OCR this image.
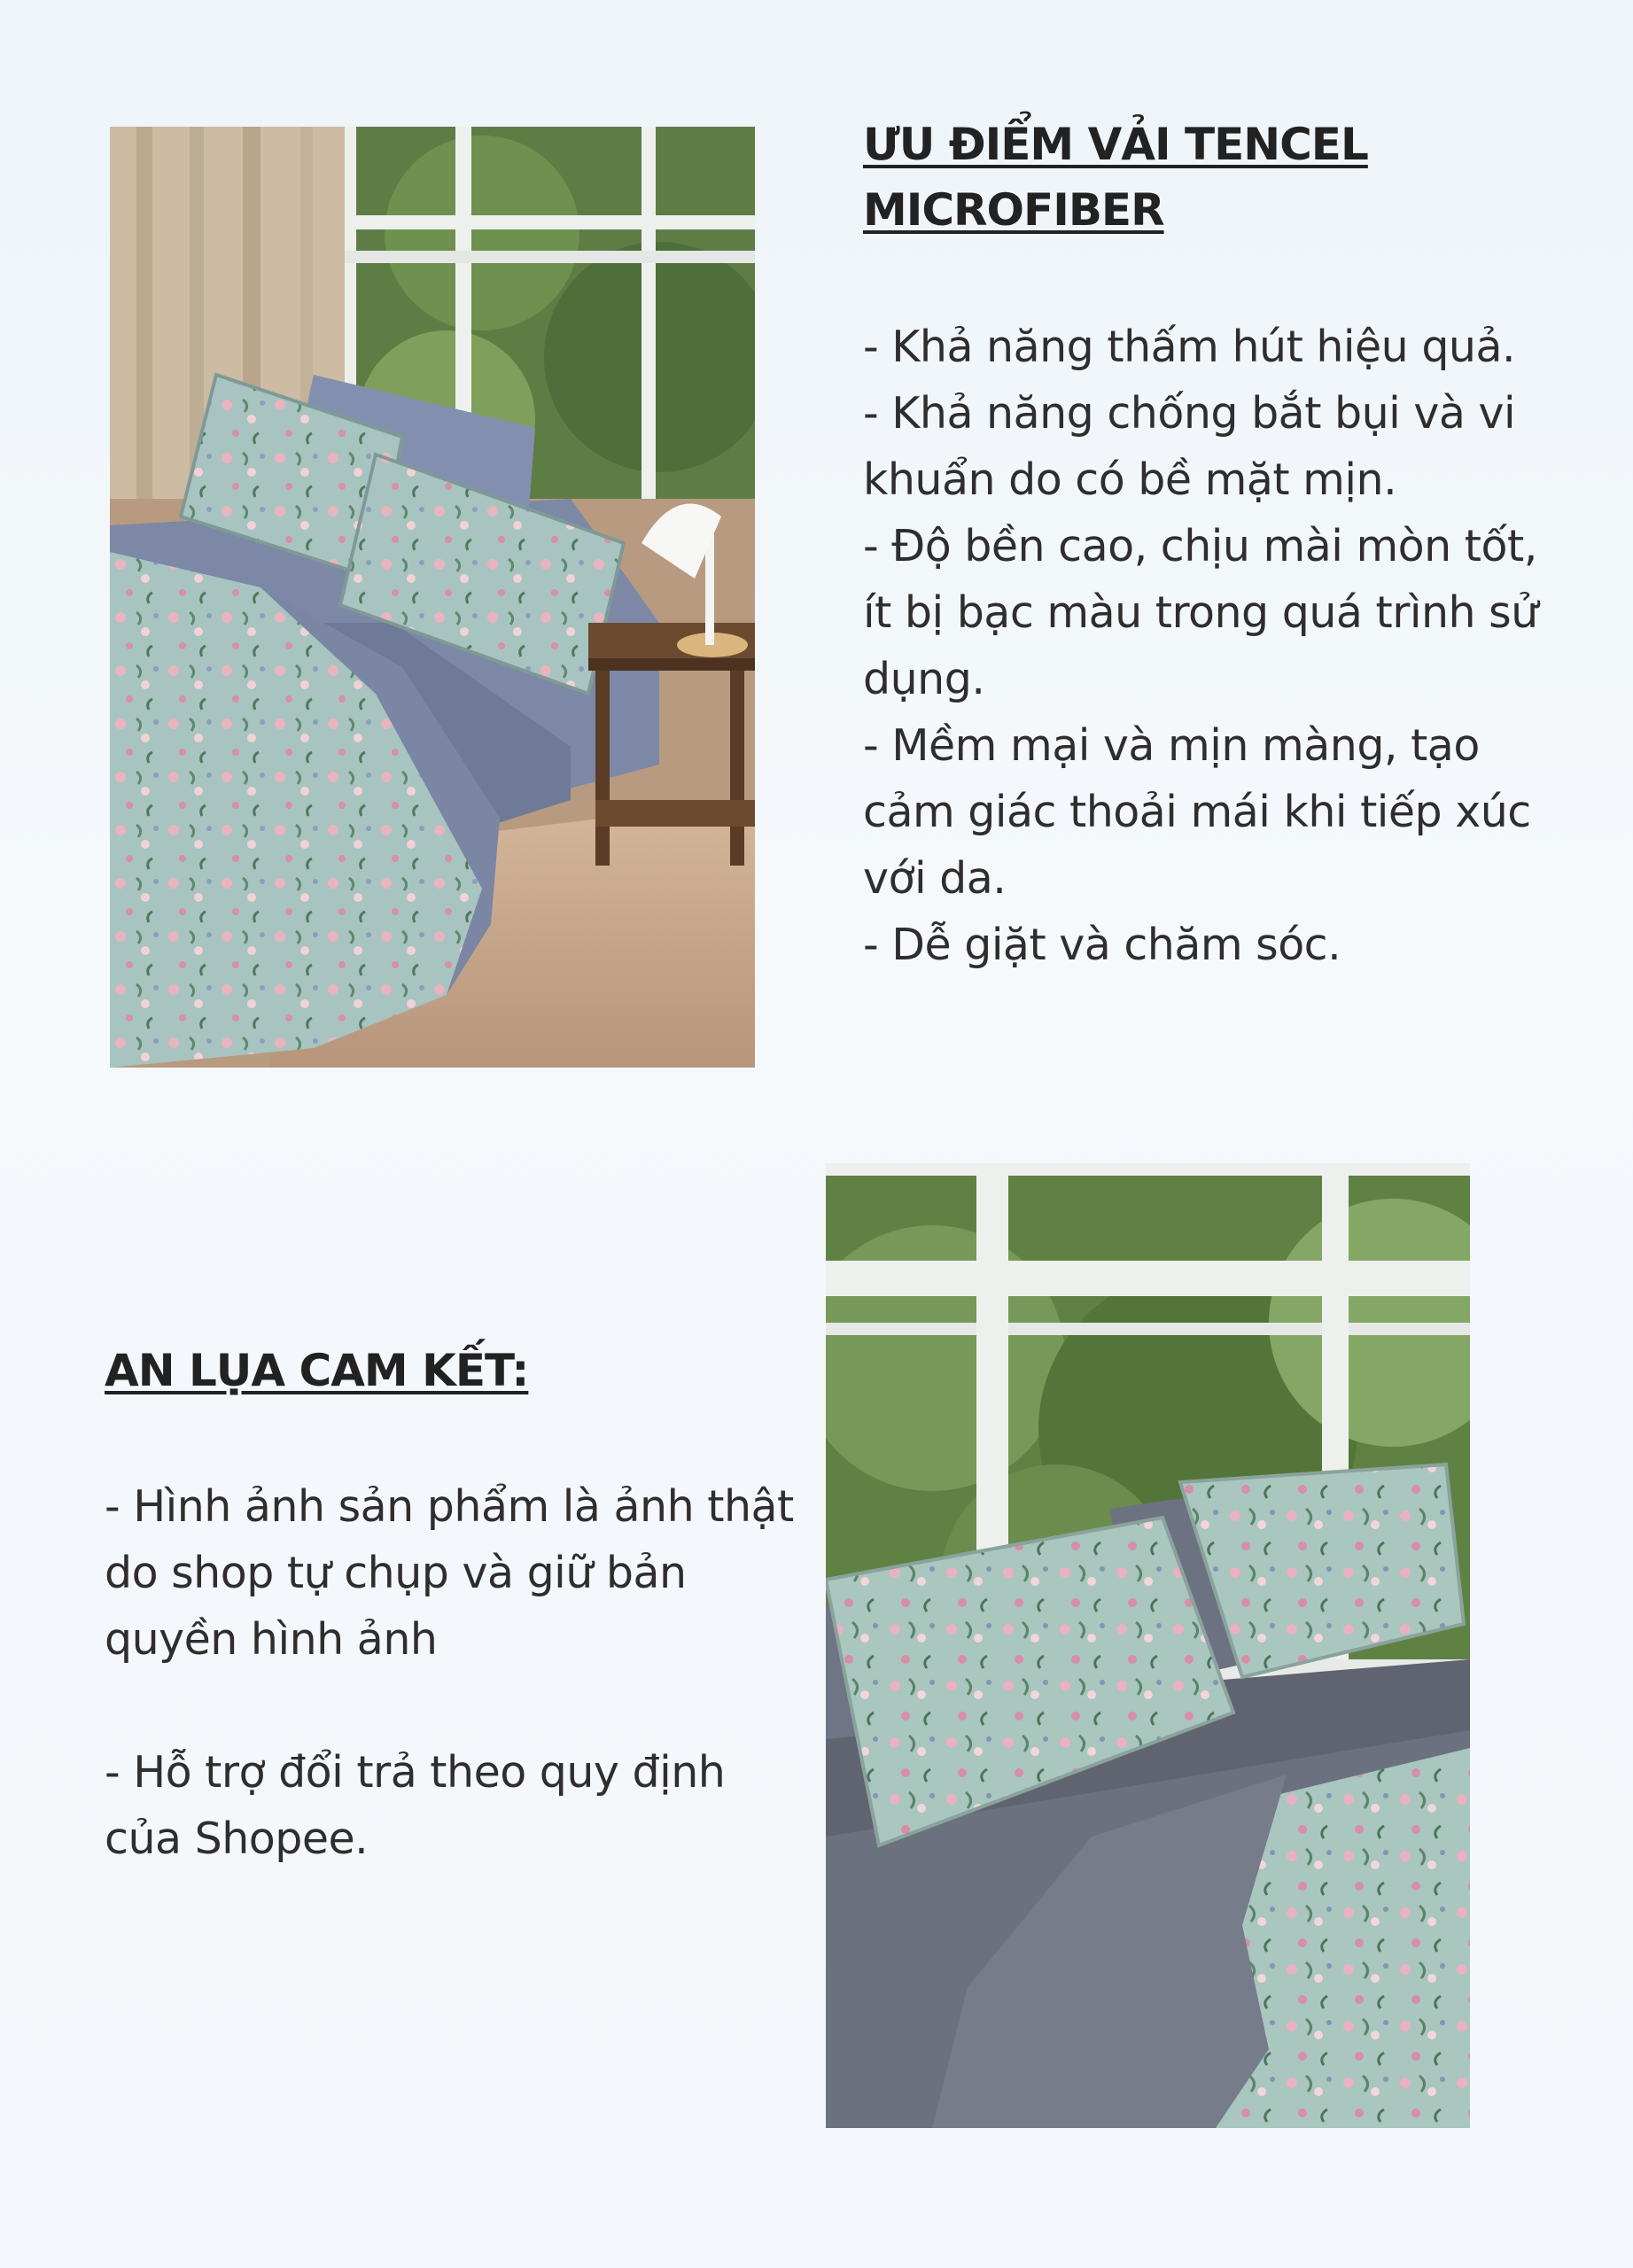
ƯU ĐIỂM VẢI TENCEL MICROFIBER
- Khả năng thấm hút hiệu quả.
- Khả năng chống bắt bụi và vi khuẩn do có bề mặt mịn.
- Độ bền cao, chịu mài mòn tốt, ít bị bạc màu trong quá trình sử dụng.
- Mềm mại và mịn màng, tạo cảm giác thoải mái khi tiếp xúc với da.
- Dễ giặt và chăm sóc.
AN LỤA CAM KẾT:
- Hình ảnh sản phẩm là ảnh thật do shop tự chụp và giữ bản quyền hình ảnh
- Hỗ trợ đổi trả theo quy định của Shopee.
